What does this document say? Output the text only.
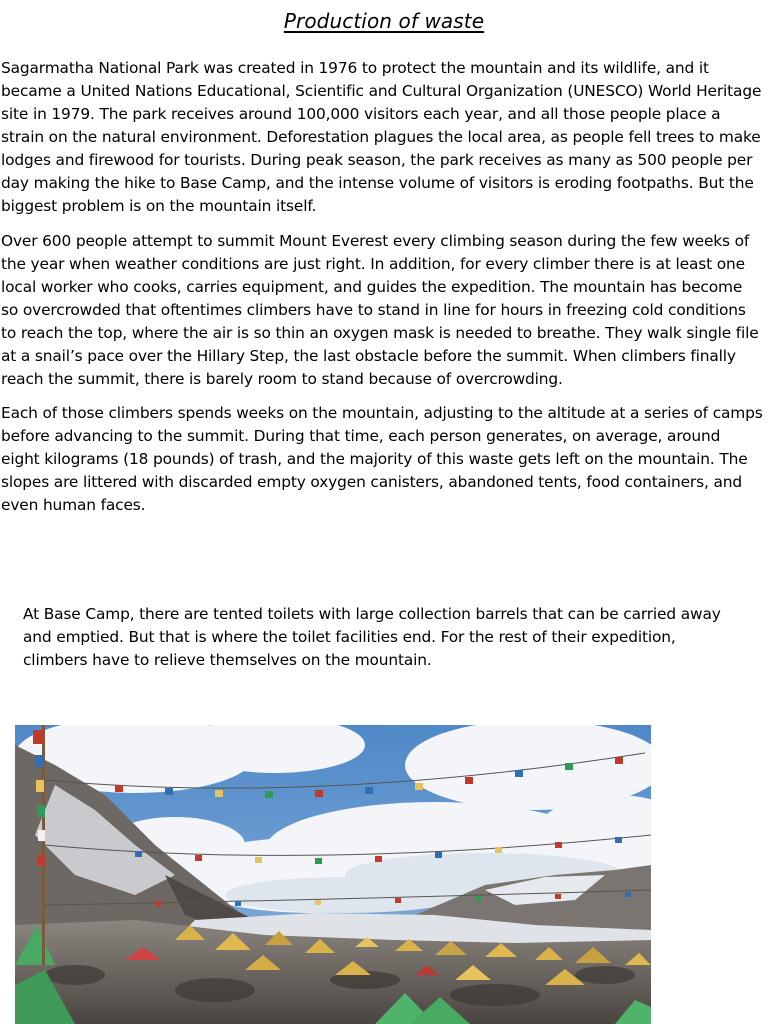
Production of waste

Sagarmatha National Park was created in 1976 to protect the mountain and its wildlife, and it became a United Nations Educational, Scientific and Cultural Organization (UNESCO) World Heritage site in 1979. The park receives around 100,000 visitors each year, and all those people place a strain on the natural environment. Deforestation plagues the local area, as people fell trees to make lodges and firewood for tourists. During peak season, the park receives as many as 500 people per day making the hike to Base Camp, and the intense volume of visitors is eroding footpaths. But the biggest problem is on the mountain itself.

Over 600 people attempt to summit Mount Everest every climbing season during the few weeks of the year when weather conditions are just right. In addition, for every climber there is at least one local worker who cooks, carries equipment, and guides the expedition. The mountain has become so overcrowded that oftentimes climbers have to stand in line for hours in freezing cold conditions to reach the top, where the air is so thin an oxygen mask is needed to breathe. They walk single file at a snail’s pace over the Hillary Step, the last obstacle before the summit. When climbers finally reach the summit, there is barely room to stand because of overcrowding.

Each of those climbers spends weeks on the mountain, adjusting to the altitude at a series of camps before advancing to the summit. During that time, each person generates, on average, around eight kilograms (18 pounds) of trash, and the majority of this waste gets left on the mountain. The slopes are littered with discarded empty oxygen canisters, abandoned tents, food containers, and even human faces.

At Base Camp, there are tented toilets with large collection barrels that can be carried away and emptied. But that is where the toilet facilities end. For the rest of their expedition, climbers have to relieve themselves on the mountain.
